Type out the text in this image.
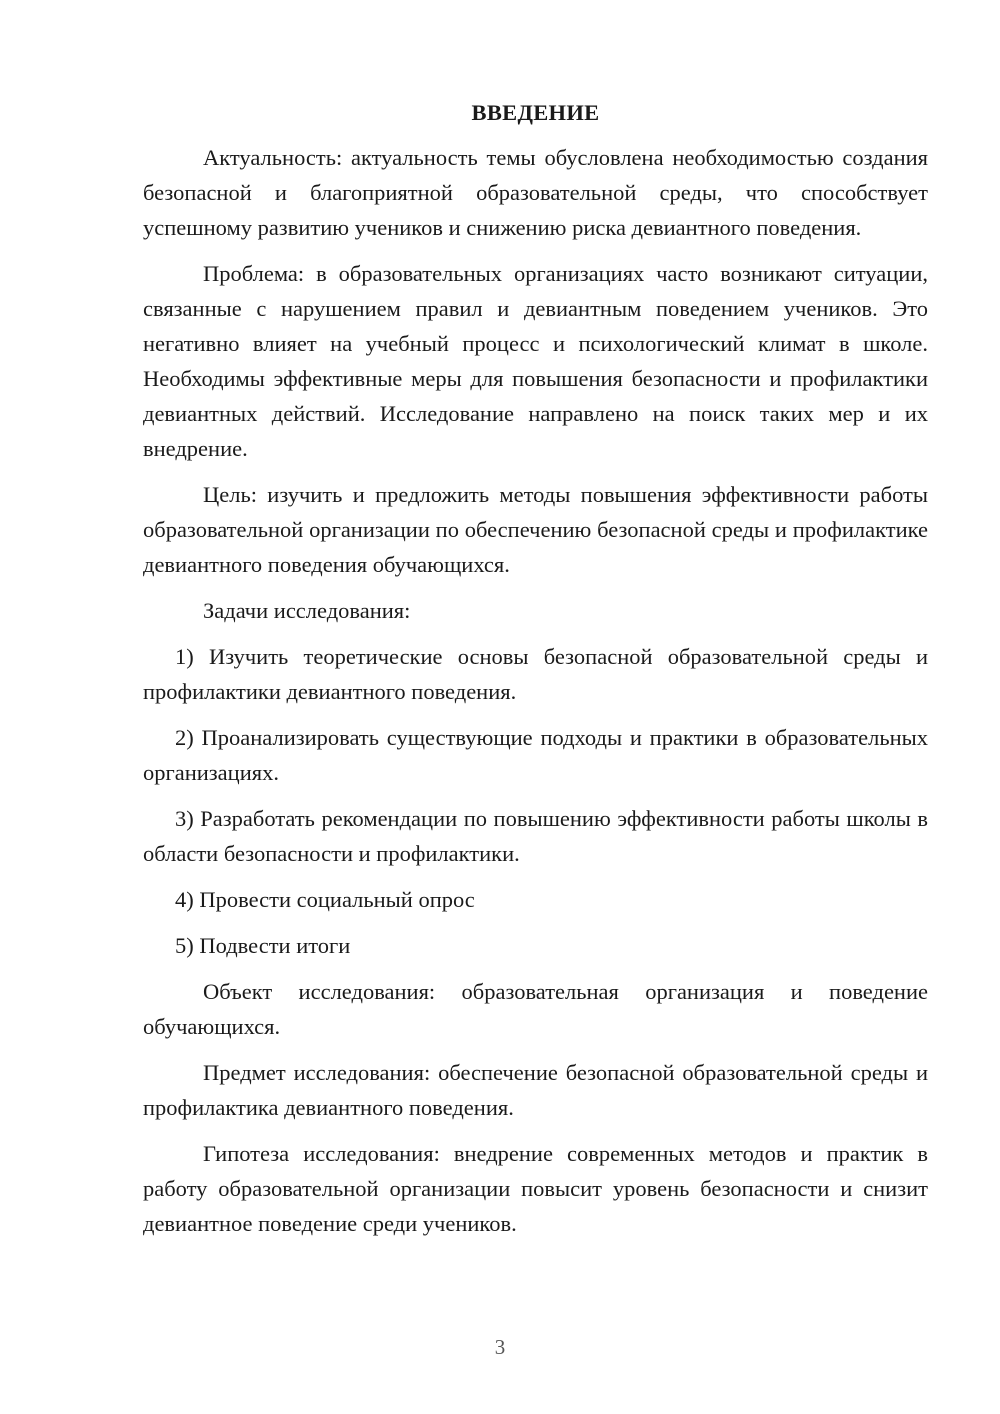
ВВЕДЕНИЕ

Актуальность: актуальность темы обусловлена необходимостью создания безопасной и благоприятной образовательной среды, что способствует успешному развитию учеников и снижению риска девиантного поведения.

Проблема: в образовательных организациях часто возникают ситуации, связанные с нарушением правил и девиантным поведением учеников. Это негативно влияет на учебный процесс и психологический климат в школе. Необходимы эффективные меры для повышения безопасности и профилактики девиантных действий. Исследование направлено на поиск таких мер и их внедрение.

Цель: изучить и предложить методы повышения эффективности работы образовательной организации по обеспечению безопасной среды и профилактике девиантного поведения обучающихся.

Задачи исследования:

1) Изучить теоретические основы безопасной образовательной среды и профилактики девиантного поведения.

2) Проанализировать существующие подходы и практики в образовательных организациях.

3) Разработать рекомендации по повышению эффективности работы школы в области безопасности и профилактики.

4) Провести социальный опрос

5) Подвести итоги

Объект исследования: образовательная организация и поведение обучающихся.

Предмет исследования: обеспечение безопасной образовательной среды и профилактика девиантного поведения.

Гипотеза исследования: внедрение современных методов и практик в работу образовательной организации повысит уровень безопасности и снизит девиантное поведение среди учеников.

3
